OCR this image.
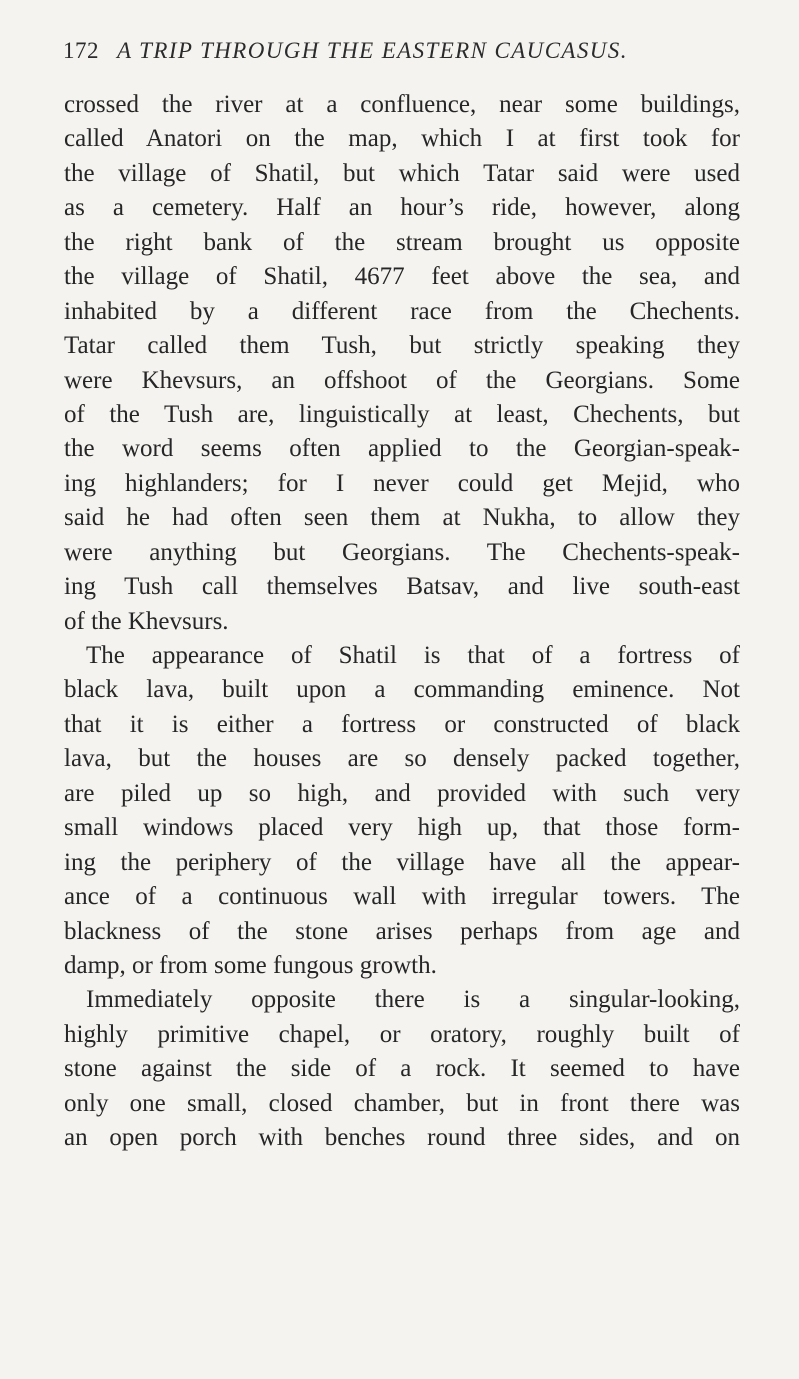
172 A TRIP THROUGH THE EASTERN CAUCASUS.
crossed the river at a confluence, near some buildings,
called Anatori on the map, which I at first took for
the village of Shatil, but which Tatar said were used
as a cemetery. Half an hour’s ride, however, along
the right bank of the stream brought us opposite
the village of Shatil, 4677 feet above the sea, and
inhabited by a different race from the Chechents.
Tatar called them Tush, but strictly speaking they
were Khevsurs, an offshoot of the Georgians. Some
of the Tush are, linguistically at least, Chechents, but
the word seems often applied to the Georgian-speak-
ing highlanders; for I never could get Mejid, who
said he had often seen them at Nukha, to allow they
were anything but Georgians. The Chechents-speak-
ing Tush call themselves Batsav, and live south-east
of the Khevsurs.
The appearance of Shatil is that of a fortress of
black lava, built upon a commanding eminence. Not
that it is either a fortress or constructed of black
lava, but the houses are so densely packed together,
are piled up so high, and provided with such very
small windows placed very high up, that those form-
ing the periphery of the village have all the appear-
ance of a continuous wall with irregular towers. The
blackness of the stone arises perhaps from age and
damp, or from some fungous growth.
Immediately opposite there is a singular-looking,
highly primitive chapel, or oratory, roughly built of
stone against the side of a rock. It seemed to have
only one small, closed chamber, but in front there was
an open porch with benches round three sides, and on
